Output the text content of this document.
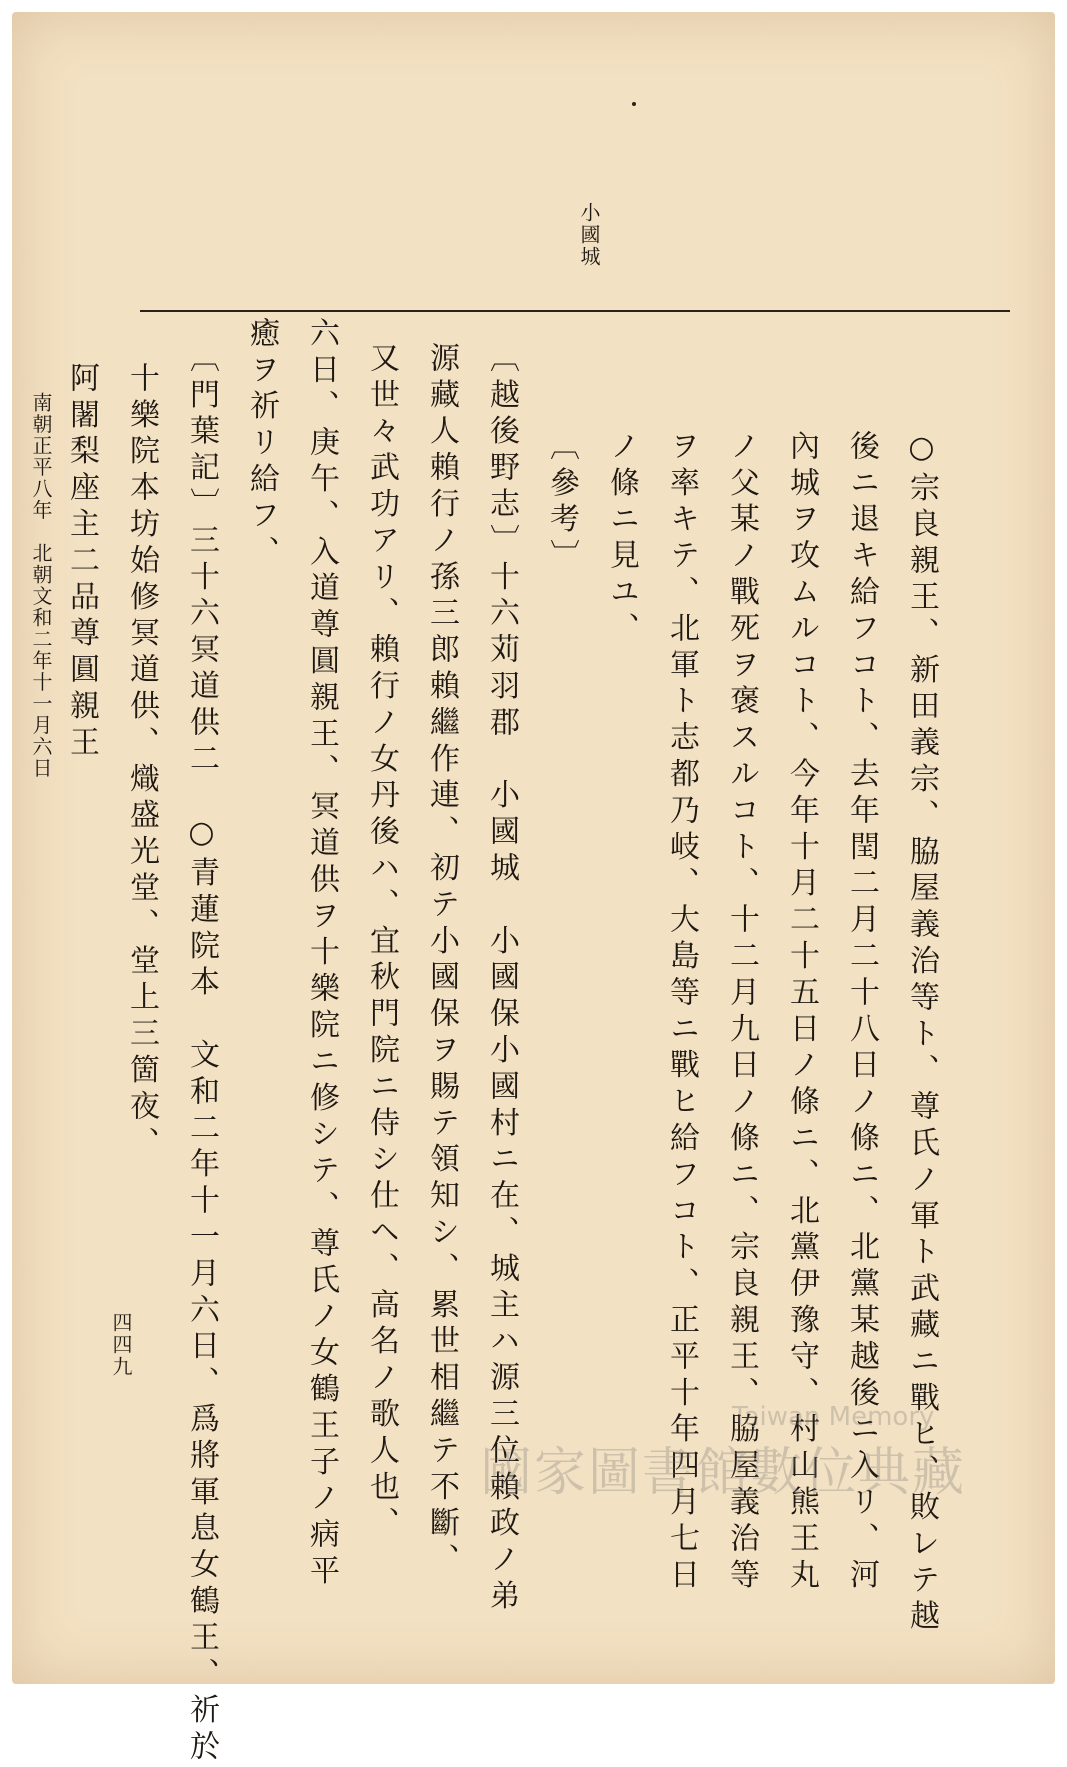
小國城
○宗良親王、新田義宗、脇屋義治等ト、尊氏ノ軍ト武藏ニ戰ヒ、敗レテ越
後ニ退キ給フコト、去年閏二月二十八日ノ條ニ、北黨某越後ニ入リ、河
內城ヲ攻ムルコト、今年十月二十五日ノ條ニ、北黨伊豫守、村山熊王丸
ノ父某ノ戰死ヲ褒スルコト、十二月九日ノ條ニ、宗良親王、脇屋義治等
ヲ率キテ、北軍ト志都乃岐、大島等ニ戰ヒ給フコト、正平十年四月七日
ノ條ニ見ユ、
〔參考〕
〔越後野志〕十六苅羽郡　小國城　小國保小國村ニ在、城主ハ源三位賴政ノ弟
源藏人賴行ノ孫三郎賴繼作連、初テ小國保ヲ賜テ領知シ、累世相繼テ不斷、
又世々武功アリ、賴行ノ女丹後ハ、宜秋門院ニ侍シ仕ヘ、高名ノ歌人也、
六日、庚午、入道尊圓親王、冥道供ヲ十樂院ニ修シテ、尊氏ノ女鶴王子ノ病平
癒ヲ祈リ給フ、
〔門葉記〕三十六冥道供二　○青蓮院本　文和二年十一月六日、爲將軍息女鶴王、祈於
十樂院本坊始修冥道供、熾盛光堂、堂上三箇夜、
阿闍梨座主二品尊圓親王
南朝正平八年　北朝文和二年十一月六日
四四九
Taiwan Memory
國家圖書館數位典藏
